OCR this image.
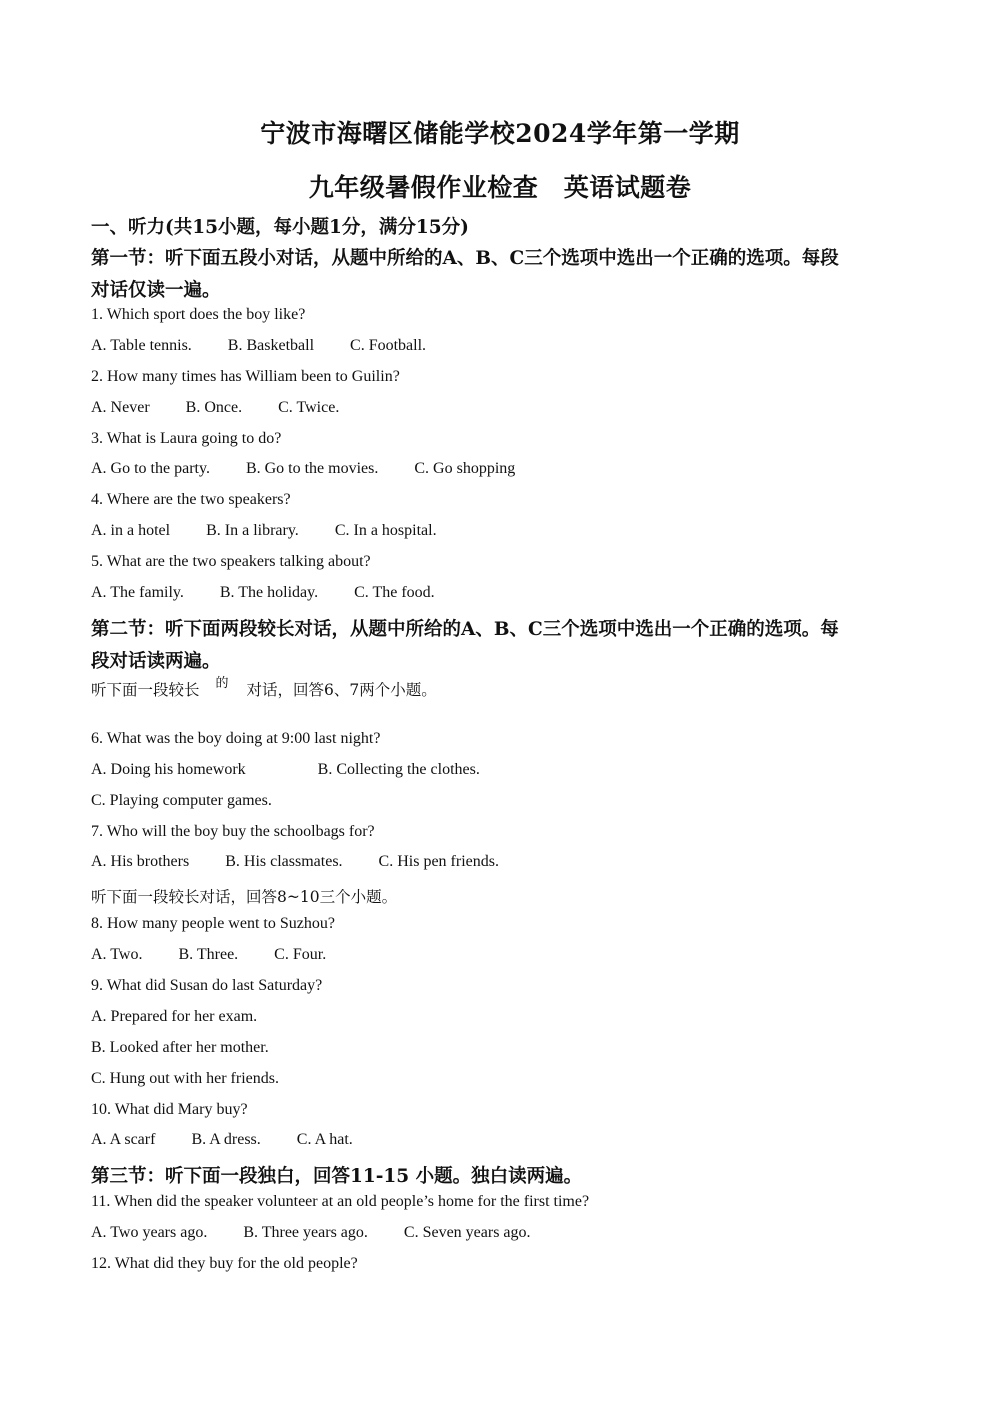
宁波市海曙区储能学校2024学年第一学期
九年级暑假作业检查　英语试题卷
一、听力(共15小题，每小题1分，满分15分)
第一节：听下面五段小对话，从题中所给的A、B、C三个选项中选出一个正确的选项。每段
对话仅读一遍。
1. Which sport does the boy like?
A. Table tennis. B. Basketball C. Football.
2. How many times has William been to Guilin?
A. Never B. Once. C. Twice.
3. What is Laura going to do?
A. Go to the party. B. Go to the movies. C. Go shopping
4. Where are the two speakers?
A. in a hotel B. In a library. C. In a hospital.
5. What are the two speakers talking about?
A. The family. B. The holiday. C. The food.
第二节：听下面两段较长对话，从题中所给的A、B、C三个选项中选出一个正确的选项。每
段对话读两遍。
听下面一段较长 $^的$ 对话，回答6、7两个小题。
6. What was the boy doing at 9:00 last night?
A. Doing his homework	B. Collecting the clothes.
C. Playing computer games.
7. Who will the boy buy the schoolbags for?
A. His brothers B. His classmates. C. His pen friends.
听下面一段较长对话，回答8~10三个小题。
8. How many people went to Suzhou?
A. Two. B. Three. C. Four.
9. What did Susan do last Saturday?
A. Prepared for her exam.
B. Looked after her mother.
C. Hung out with her friends.
10. What did Mary buy?
A. A scarf B. A dress. C. A hat.
第三节：听下面一段独白，回答11-15 小题。独白读两遍。
11. When did the speaker volunteer at an old people’s home for the first time?
A. Two years ago. B. Three years ago. C. Seven years ago.
12. What did they buy for the old people?
